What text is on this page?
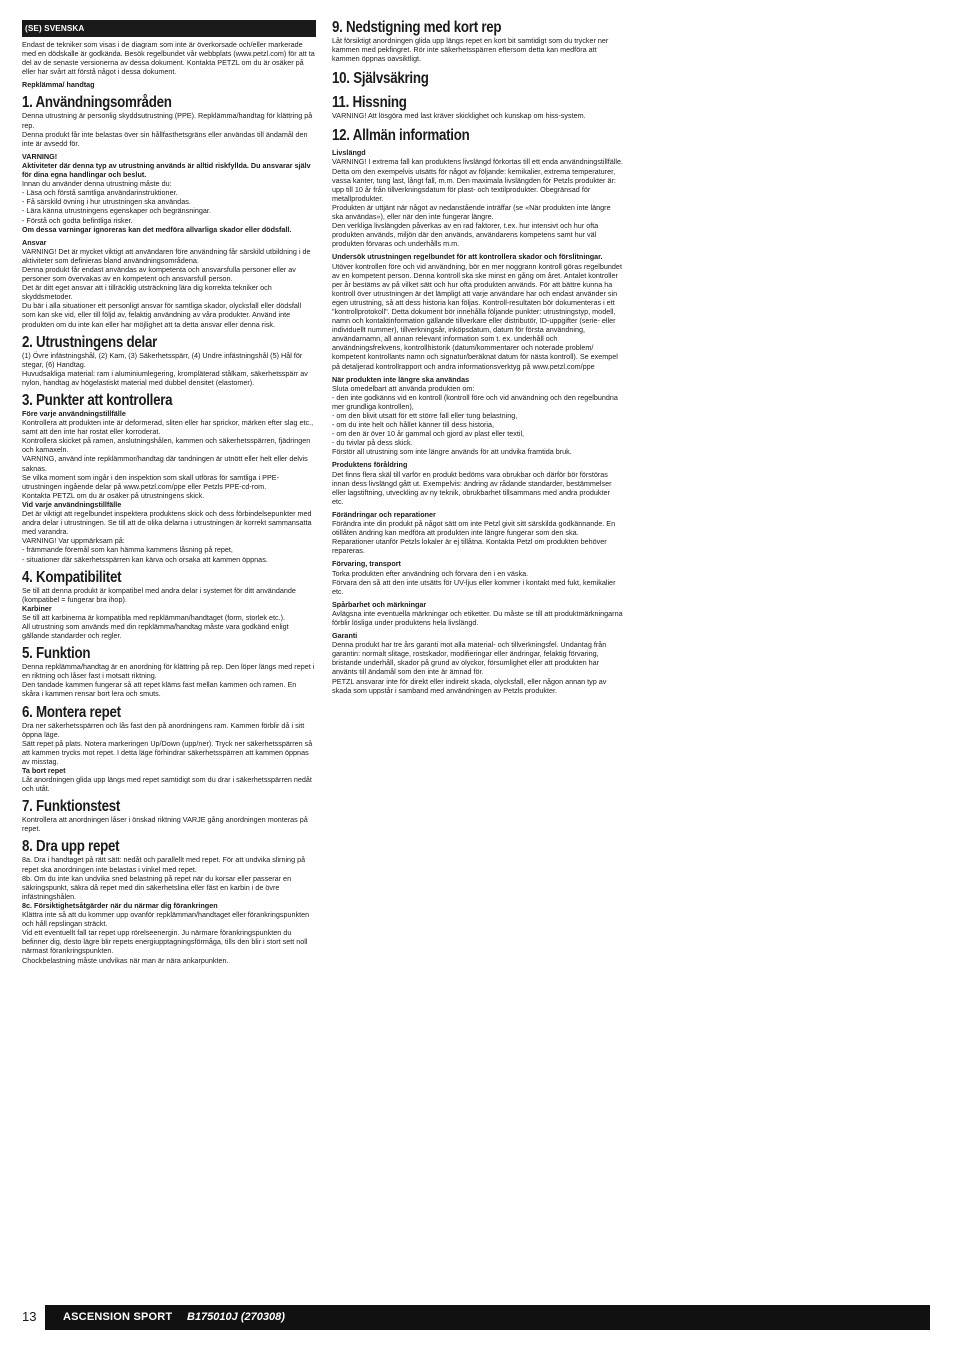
(SE) SVENSKA
Endast de tekniker som visas i de diagram som inte är överkorsade och/eller markerade med en dödskalle är godkända. Besök regelbundet vår webbplats (www.petzl.com) för att ta del av de senaste versionerna av dessa dokument. Kontakta PETZL om du är osäker på eller har svårt att förstå något i dessa dokument.
Repklämma/ handtag
1. Användningsområden
Denna utrustning är personlig skyddsutrustning (PPE). Repklämma/handtag för klättring på rep.
Denna produkt får inte belastas över sin hållfasthetsgräns eller användas till ändamål den inte är avsedd för.
VARNING!
Aktiviteter där denna typ av utrustning används är alltid riskfyllda. Du ansvarar själv för dina egna handlingar och beslut.
Innan du använder denna utrustning måste du:
- Läsa och förstå samtliga användarinstruktioner.
- Få särskild övning i hur utrustningen ska användas.
- Lära känna utrustningens egenskaper och begränsningar.
- Förstå och godta befintliga risker.
Om dessa varningar ignoreras kan det medföra allvarliga skador eller dödsfall.
Ansvar
VARNING! Det är mycket viktigt att användaren före användning får särskild utbildning i de aktiviteter som definieras bland användningsområdena.
Denna produkt får endast användas av kompetenta och ansvarsfulla personer eller av personer som övervakas av en kompetent och ansvarsfull person.
Det är ditt eget ansvar att i tillräcklig utsträckning lära dig korrekta tekniker och skyddsmetoder.
Du bär i alla situationer ett personligt ansvar för samtliga skador, olycksfall eller dödsfall som kan ske vid, eller till följd av, felaktig användning av våra produkter. Använd inte produkten om du inte kan eller har möjlighet att ta detta ansvar eller denna risk.
2. Utrustningens delar
(1) Övre infästningshål, (2) Kam, (3) Säkerhetsspärr, (4) Undre infästningshål (5) Hål för stegar, (6) Handtag.
Huvudsakliga material: ram i aluminiumlegering, krompläterad stålkam, säkerhetsspärr av nylon, handtag av högelastiskt material med dubbel densitet (elastomer).
3. Punkter att kontrollera
Före varje användningstillfälle
Kontrollera att produkten inte är deformerad, sliten eller har sprickor, märken efter slag etc., samt att den inte har rostat eller korroderat.
Kontrollera skicket på ramen, anslutningshålen, kammen och säkerhetsspärren, fjädringen och kamaxeln.
VARNING, använd inte repklämmor/handtag där tandningen är utnött eller helt eller delvis saknas.
Se vilka moment som ingår i den inspektion som skall utföras för samtliga i PPE-utrustningen ingående delar på www.petzl.com/ppe eller Petzls PPE-cd-rom.
Kontakta PETZL om du är osäker på utrustningens skick.
Vid varje användningstillfälle
Det är viktigt att regelbundet inspektera produktens skick och dess förbindelsepunkter med andra delar i utrustningen. Se till att de olika delarna i utrustningen är korrekt sammansatta med varandra.
VARNING! Var uppmärksam på:
- främmande föremål som kan hämma kammens låsning på repet,
- situationer där säkerhetsspärren kan kärva och orsaka att kammen öppnas.
4. Kompatibilitet
Se till att denna produkt är kompatibel med andra delar i systemet för ditt användande (kompatibel = fungerar bra ihop).
Karbiner
Se till att karbinerna är kompatibla med repklämman/handtaget (form, storlek etc.).
All utrustning som används med din repklämma/handtag måste vara godkänd enligt gällande standarder och regler.
5. Funktion
Denna repklämma/handtag är en anordning för klättring på rep. Den löper längs med repet i en riktning och låser fast i motsatt riktning.
Den tandade kammen fungerar så att repet kläms fast mellan kammen och ramen. En skåra i kammen rensar bort lera och smuts.
6. Montera repet
Dra ner säkerhetsspärren och lås fast den på anordningens ram. Kammen förblir då i sitt öppna läge.
Sätt repet på plats. Notera markeringen Up/Down (upp/ner). Tryck ner säkerhetsspärren så att kammen trycks mot repet. I detta läge förhindrar säkerhetsspärren att kammen öppnas av misstag.
Ta bort repet
Låt anordningen glida upp längs med repet samtidigt som du drar i säkerhetsspärren nedåt och utåt.
7. Funktionstest
Kontrollera att anordningen låser i önskad riktning VARJE gång anordningen monteras på repet.
8. Dra upp repet
8a. Dra i handtaget på rätt sätt: nedåt och parallellt med repet. För att undvika slirning på repet ska anordningen inte belastas i vinkel med repet.
8b. Om du inte kan undvika sned belastning på repet när du korsar eller passerar en säkringspunkt, säkra då repet med din säkerhetslina eller fäst en karbin i de övre infästningshålen.
8c. Försiktighetsåtgärder när du närmar dig förankringen
Klättra inte så att du kommer upp ovanför repklämman/handtaget eller förankringspunkten och håll repslingan sträckt.
Vid ett eventuellt fall tar repet upp rörelseenergin. Ju närmare förankringspunkten du befinner dig, desto lägre blir repets energiupptagningsförmåga, tills den blir i stort sett noll närmast förankringspunkten.
Chockbelastning måste undvikas när man är nära ankarpunkten.
9. Nedstigning med kort rep
Låt försiktigt anordningen glida upp längs repet en kort bit samtidigt som du trycker ner kammen med pekfingret. Rör inte säkerhetsspärren eftersom detta kan medföra att kammen öppnas oavsiktligt.
10. Självsäkring
11. Hissning
VARNING! Att lösgöra med last kräver skicklighet och kunskap om hiss-system.
12. Allmän information
Livslängd
VARNING! I extrema fall kan produktens livslängd förkortas till ett enda användningstillfälle. Detta om den exempelvis utsätts för något av följande: kemikalier, extrema temperaturer, vassa kanter, tung last, långt fall, m.m. Den maximala livslängden för Petzls produkter är: upp till 10 år från tillverkningsdatum för plast- och textilprodukter. Obegränsad för metallprodukter.
Produkten är uttjänt när något av nedanstående inträffar (se «När produkten inte längre ska användas»), eller när den inte fungerar längre.
Den verkliga livslängden påverkas av en rad faktorer, t.ex. hur intensivt och hur ofta produkten används, miljön där den används, användarens kompetens samt hur väl produkten förvaras och underhålls m.m.
Undersök utrustningen regelbundet för att kontrollera skador och förslitningar.
Utöver kontrollen före och vid användning, bör en mer noggrann kontroll göras regelbundet av en kompetent person. Denna kontroll ska ske minst en gång om året. Antalet kontroller per år bestäms av på vilket sätt och hur ofta produkten används. För att bättre kunna ha kontroll över utrustningen är det lämpligt att varje användare har och endast använder sin egen utrustning, så att dess historia kan följas. Kontroll-resultaten bör dokumenteras i ett "kontrollprotokoll". Detta dokument bör innehålla följande punkter: utrustningstyp, modell, namn och kontaktinformation gällande tillverkare eller distributör, ID-uppgifter (serie- eller individuellt nummer), tillverkningsår, inköpsdatum, datum för första användning, användarnamn, all annan relevant information som t. ex. underhåll och användningsfrekvens, kontrollhistorik (datum/kommentarer och noterade problem/ kompetent kontrollants namn och signatur/beräknat datum för nästa kontroll). Se exempel på detaljerad kontrollrapport och andra informationsverktyg på www.petzl.com/ppe
När produkten inte längre ska användas
Sluta omedelbart att använda produkten om:
- den inte godkänns vid en kontroll (kontroll före och vid användning och den regelbundna mer grundliga kontrollen),
- om den blivit utsatt för ett större fall eller tung belastning,
- om du inte helt och hållet känner till dess historia,
- om den är över 10 år gammal och gjord av plast eller textil,
- du tvivlar på dess skick.
Förstör all utrustning som inte längre används för att undvika framtida bruk.
Produktens föråldring
Det finns flera skäl till varför en produkt bedöms vara obrukbar och därför bör förstöras innan dess livslängd gått ut. Exempelvis: ändring av rådande standarder, bestämmelser eller lagstiftning, utveckling av ny teknik, obrukbarhet tillsammans med andra produkter etc.
Förändringar och reparationer
Förändra inte din produkt på något sätt om inte Petzl givit sitt särskilda godkännande. En otillåten ändring kan medföra att produkten inte längre fungerar som den ska.
Reparationer utanför Petzls lokaler är ej tillåtna. Kontakta Petzl om produkten behöver repareras.
Förvaring, transport
Torka produkten efter användning och förvara den i en väska.
Förvara den så att den inte utsätts för UV-ljus eller kommer i kontakt med fukt, kemikalier etc.
Spårbarhet och märkningar
Avlägsna inte eventuella märkningar och etiketter. Du måste se till att produktmärkningarna förblir lösliga under produktens hela livslängd.
Garanti
Denna produkt har tre års garanti mot alla material- och tillverkningsfel. Undantag från garantin: normalt slitage, rostskador, modifieringar eller ändringar, felaktig förvaring, bristande underhåll, skador på grund av olyckor, försumlighet eller att produkten har använts till ändamål som den inte är ämnad för.
PETZL ansvarar inte för direkt eller indirekt skada, olycksfall, eller någon annan typ av skada som uppstår i samband med användningen av Petzls produkter.
13 ASCENSION SPORT B175010J (270308)
